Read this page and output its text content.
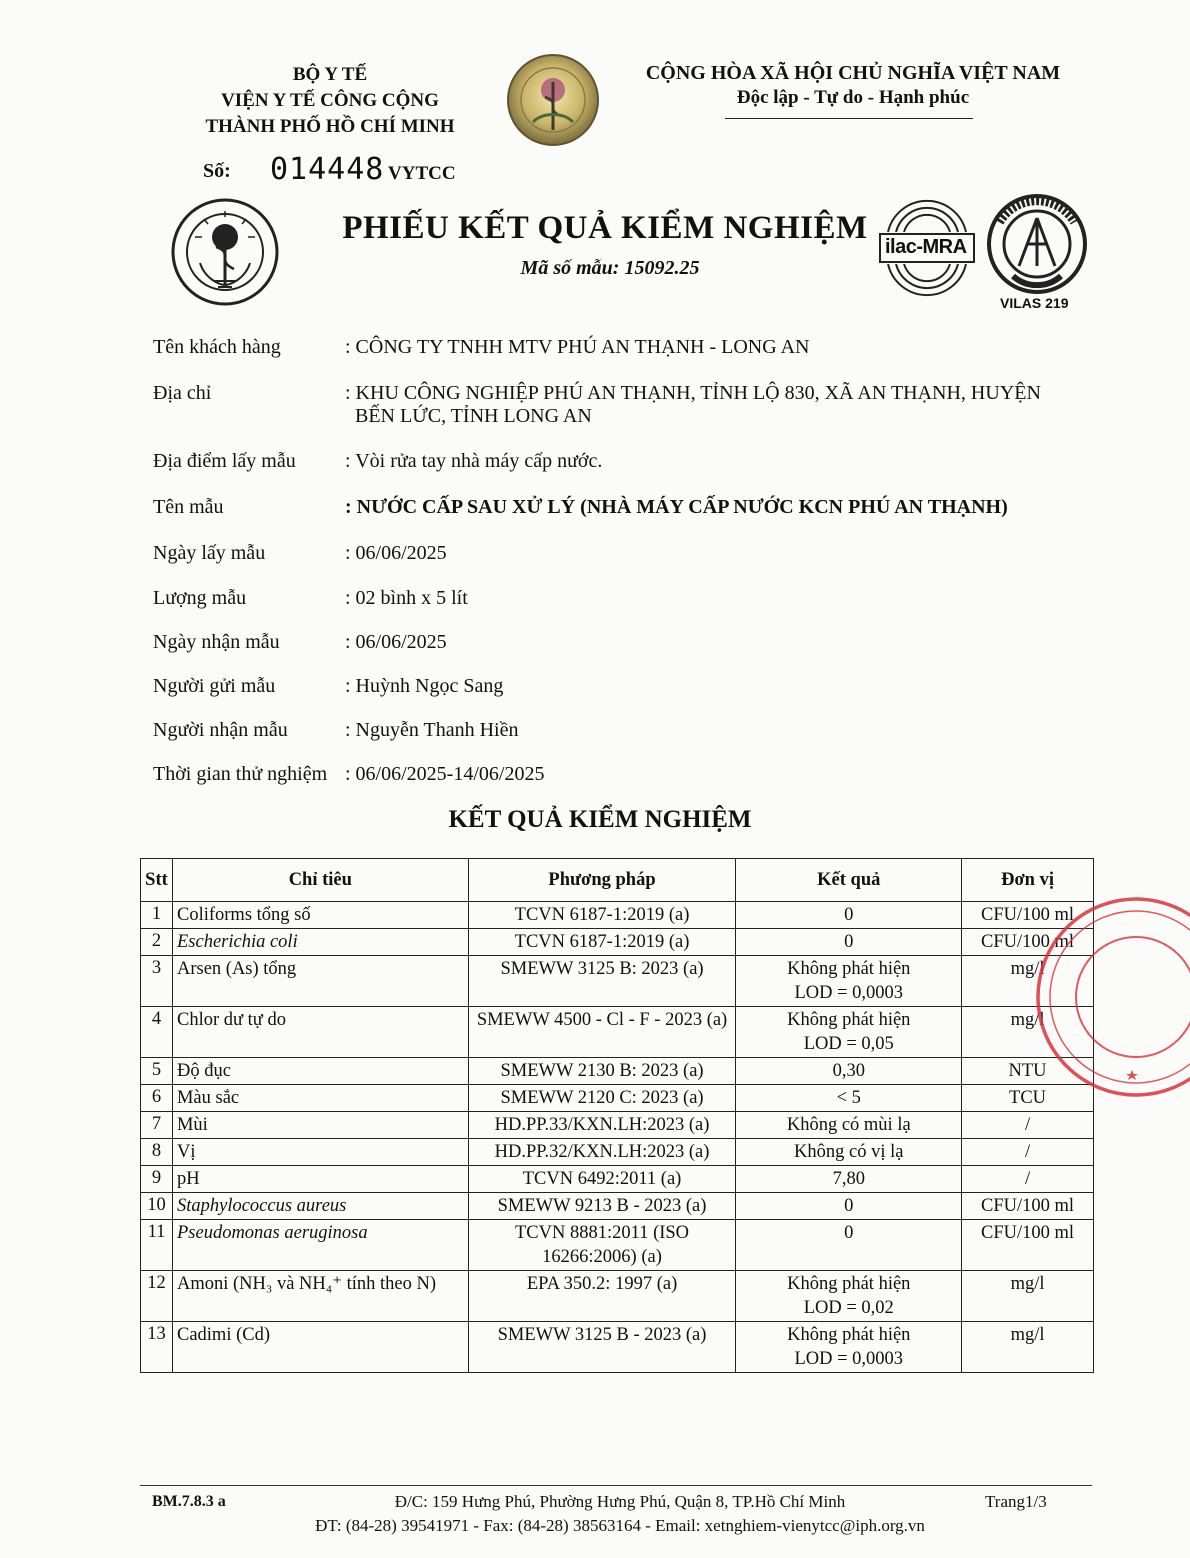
BỘ Y TẾ
VIỆN Y TẾ CÔNG CỘNG
THÀNH PHỐ HỒ CHÍ MINH
CỘNG HÒA XÃ HỘI CHỦ NGHĨA VIỆT NAM
Độc lập - Tự do - Hạnh phúc
Số: 014448 VYTCC
PHIẾU KẾT QUẢ KIỂM NGHIỆM
Mã số mẫu: 15092.25
ilac-MRA
VILAS 219
Tên khách hàng	: CÔNG TY TNHH MTV PHÚ AN THẠNH - LONG AN
Địa chỉ	: KHU CÔNG NGHIỆP PHÚ AN THẠNH, TỈNH LỘ 830, XÃ AN THẠNH, HUYỆN
BẾN LỨC, TỈNH LONG AN
Địa điểm lấy mẫu	: Vòi rửa tay nhà máy cấp nước.
Tên mẫu	: NƯỚC CẤP SAU XỬ LÝ (NHÀ MÁY CẤP NƯỚC KCN PHÚ AN THẠNH)
Ngày lấy mẫu	: 06/06/2025
Lượng mẫu	: 02 bình x 5 lít
Ngày nhận mẫu	: 06/06/2025
Người gửi mẫu	: Huỳnh Ngọc Sang
Người nhận mẫu	: Nguyễn Thanh Hiền
Thời gian thử nghiệm : 06/06/2025-14/06/2025
KẾT QUẢ KIỂM NGHIỆM
Stt	Chỉ tiêu	Phương pháp	Kết quả	Đơn vị
1	Coliforms tổng số	TCVN 6187-1:2019 (a)	0	CFU/100 ml
2	Escherichia coli	TCVN 6187-1:2019 (a)	0	CFU/100 ml
3	Arsen (As) tổng	SMEWW 3125 B: 2023 (a)	Không phát hiện
LOD = 0,0003	mg/l
4	Chlor dư tự do	SMEWW 4500 - Cl - F - 2023 (a)	Không phát hiện
LOD = 0,05	mg/l
5	Độ đục	SMEWW 2130 B: 2023 (a)	0,30	NTU
6	Màu sắc	SMEWW 2120 C: 2023 (a)	< 5	TCU
7	Mùi	HD.PP.33/KXN.LH:2023 (a)	Không có mùi lạ	/
8	Vị	HD.PP.32/KXN.LH:2023 (a)	Không có vị lạ	/
9	pH	TCVN 6492:2011 (a)	7,80	/
10	Staphylococcus aureus	SMEWW 9213 B - 2023 (a)	0	CFU/100 ml
11	Pseudomonas aeruginosa	TCVN 8881:2011 (ISO
16266:2006) (a)	0	CFU/100 ml
12	Amoni (NH₃ và NH₄⁺ tính theo N)	EPA 350.2: 1997 (a)	Không phát hiện
LOD = 0,02	mg/l
13	Cadimi (Cd)	SMEWW 3125 B - 2023 (a)	Không phát hiện
LOD = 0,0003	mg/l
BM.7.8.3 a	Đ/C: 159 Hưng Phú, Phường Hưng Phú, Quận 8, TP.Hồ Chí Minh	Trang1/3
ĐT: (84-28) 39541971 - Fax: (84-28) 38563164 - Email: xetnghiem-vienytcc@iph.org.vn
